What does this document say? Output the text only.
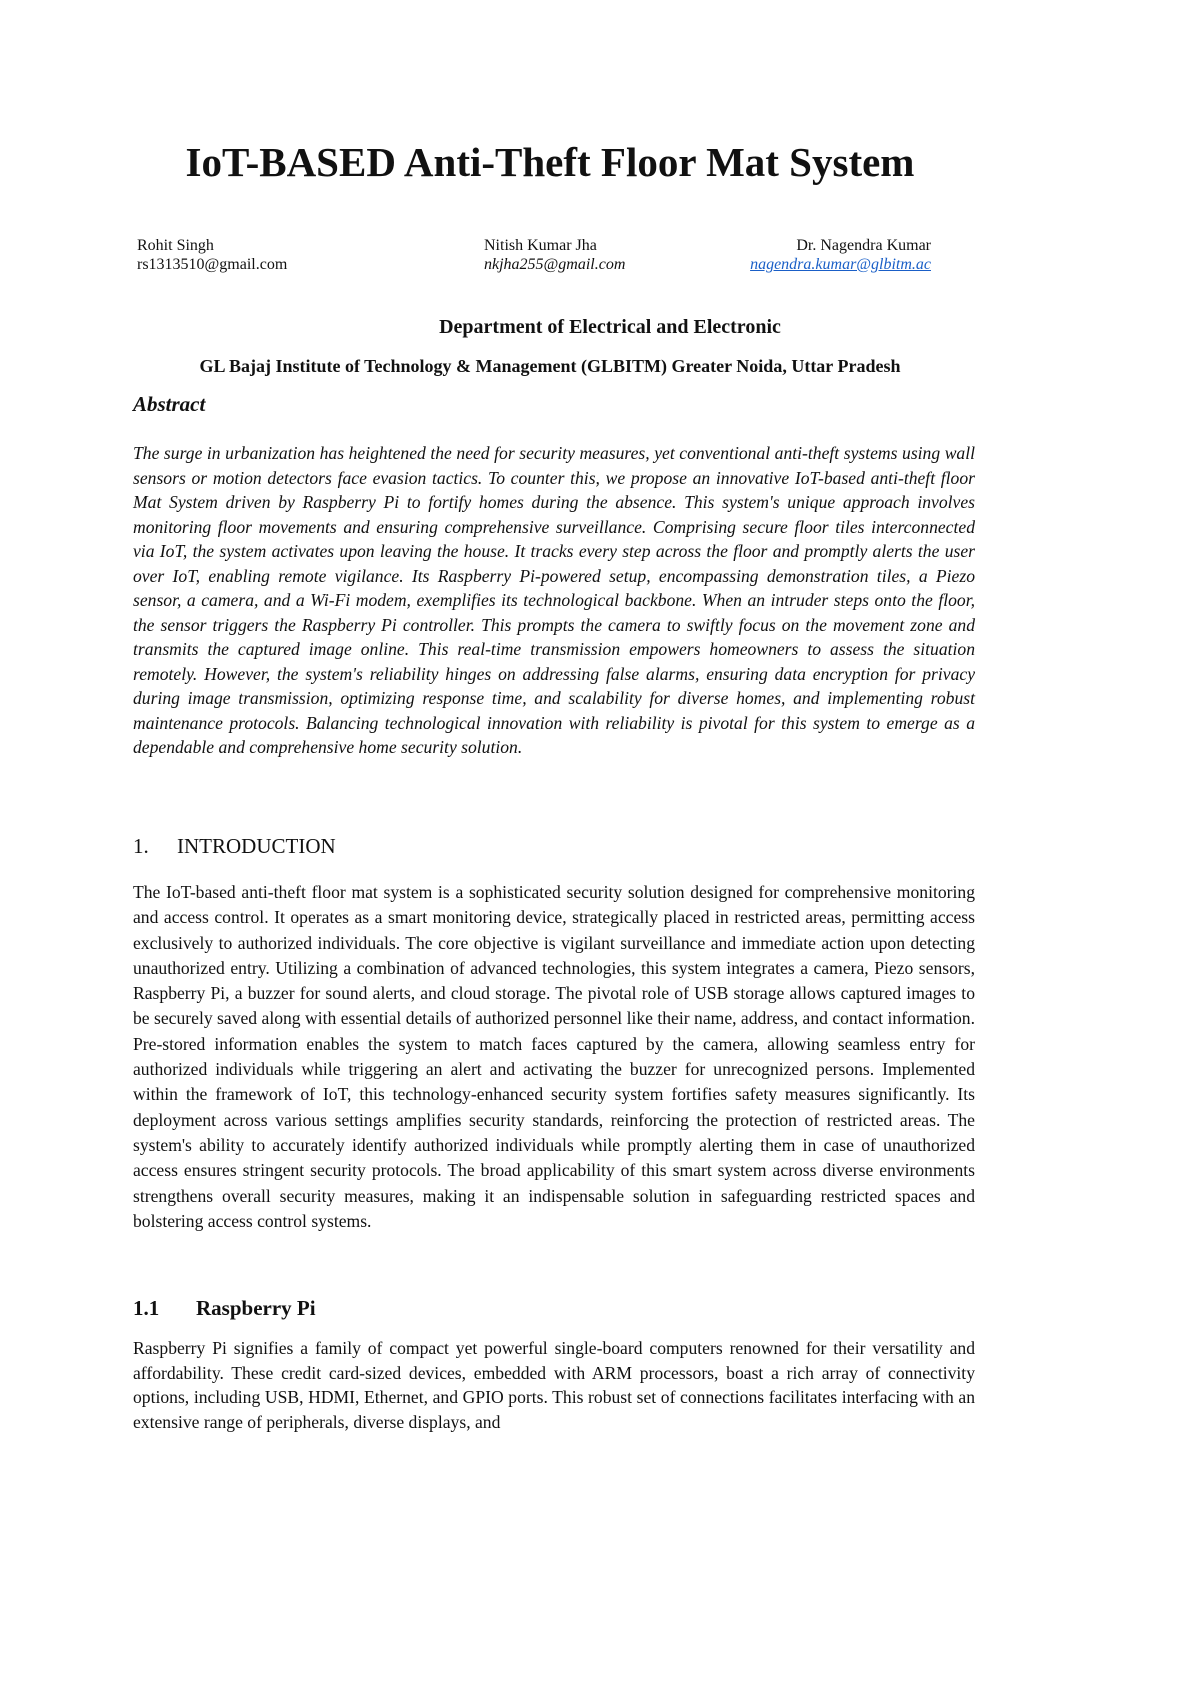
IoT-BASED Anti-Theft Floor Mat System
Rohit Singh
rs1313510@gmail.com
Nitish Kumar Jha
nkjha255@gmail.com
Dr. Nagendra Kumar
nagendra.kumar@glbitm.ac
Department of Electrical and Electronic
GL Bajaj Institute of Technology & Management (GLBITM) Greater Noida, Uttar Pradesh
Abstract
The surge in urbanization has heightened the need for security measures, yet conventional anti-theft systems using wall sensors or motion detectors face evasion tactics. To counter this, we propose an innovative IoT-based anti-theft floor Mat System driven by Raspberry Pi to fortify homes during the absence. This system's unique approach involves monitoring floor movements and ensuring comprehensive surveillance. Comprising secure floor tiles interconnected via IoT, the system activates upon leaving the house. It tracks every step across the floor and promptly alerts the user over IoT, enabling remote vigilance. Its Raspberry Pi-powered setup, encompassing demonstration tiles, a Piezo sensor, a camera, and a Wi-Fi modem, exemplifies its technological backbone. When an intruder steps onto the floor, the sensor triggers the Raspberry Pi controller. This prompts the camera to swiftly focus on the movement zone and transmits the captured image online. This real-time transmission empowers homeowners to assess the situation remotely. However, the system's reliability hinges on addressing false alarms, ensuring data encryption for privacy during image transmission, optimizing response time, and scalability for diverse homes, and implementing robust maintenance protocols. Balancing technological innovation with reliability is pivotal for this system to emerge as a dependable and comprehensive home security solution.
1. INTRODUCTION
The IoT-based anti-theft floor mat system is a sophisticated security solution designed for comprehensive monitoring and access control. It operates as a smart monitoring device, strategically placed in restricted areas, permitting access exclusively to authorized individuals. The core objective is vigilant surveillance and immediate action upon detecting unauthorized entry. Utilizing a combination of advanced technologies, this system integrates a camera, Piezo sensors, Raspberry Pi, a buzzer for sound alerts, and cloud storage. The pivotal role of USB storage allows captured images to be securely saved along with essential details of authorized personnel like their name, address, and contact information. Pre-stored information enables the system to match faces captured by the camera, allowing seamless entry for authorized individuals while triggering an alert and activating the buzzer for unrecognized persons. Implemented within the framework of IoT, this technology-enhanced security system fortifies safety measures significantly. Its deployment across various settings amplifies security standards, reinforcing the protection of restricted areas. The system's ability to accurately identify authorized individuals while promptly alerting them in case of unauthorized access ensures stringent security protocols. The broad applicability of this smart system across diverse environments strengthens overall security measures, making it an indispensable solution in safeguarding restricted spaces and bolstering access control systems.
1.1 Raspberry Pi
Raspberry Pi signifies a family of compact yet powerful single-board computers renowned for their versatility and affordability. These credit card-sized devices, embedded with ARM processors, boast a rich array of connectivity options, including USB, HDMI, Ethernet, and GPIO ports. This robust set of connections facilitates interfacing with an extensive range of peripherals, diverse displays, and
